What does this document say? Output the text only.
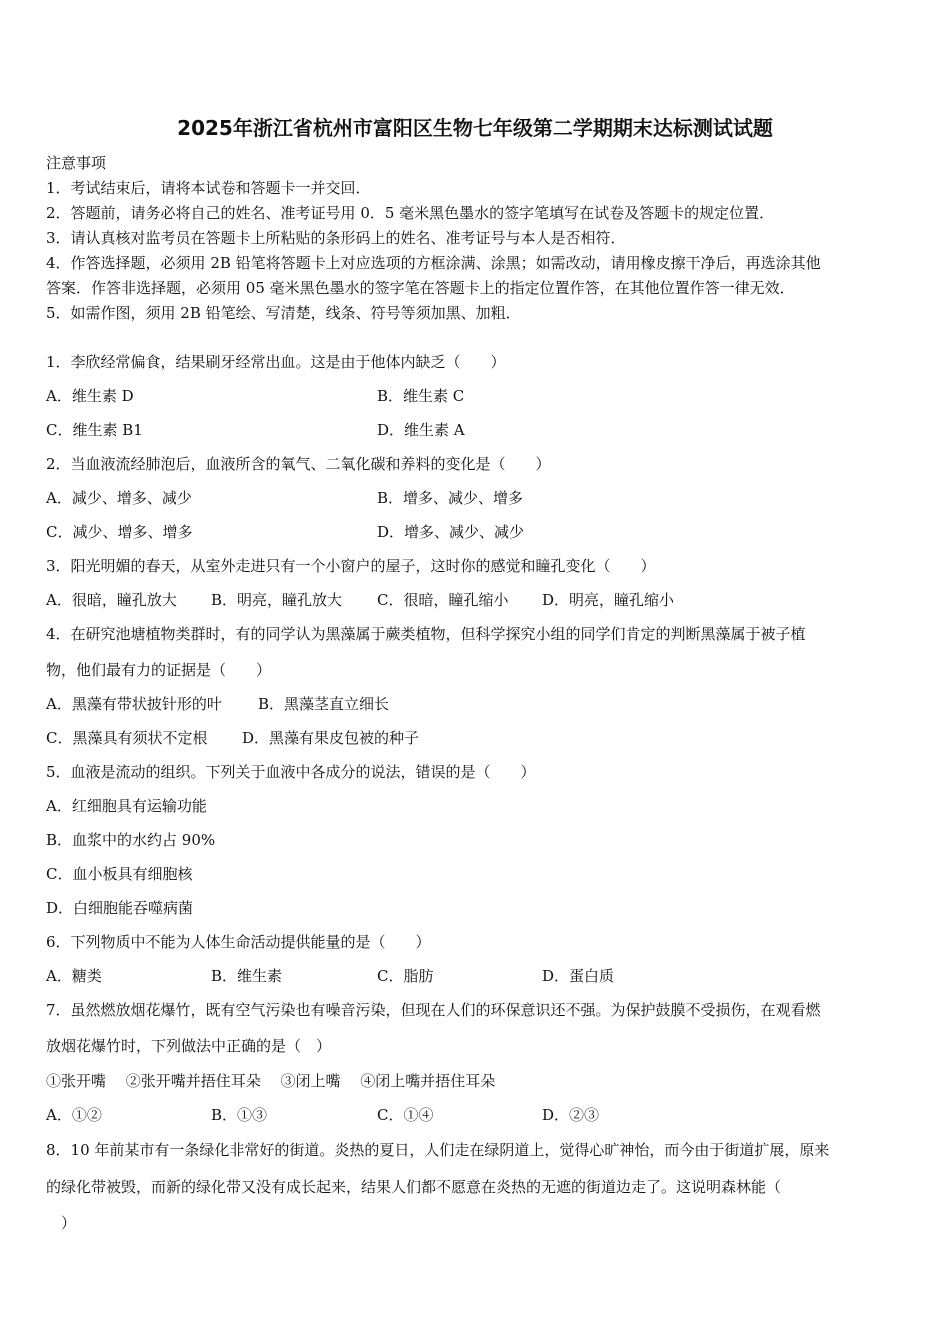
2025年浙江省杭州市富阳区生物七年级第二学期期末达标测试试题
注意事项
1．考试结束后，请将本试卷和答题卡一并交回．
2．答题前，请务必将自己的姓名、准考证号用 0．5 毫米黑色墨水的签字笔填写在试卷及答题卡的规定位置．
3．请认真核对监考员在答题卡上所粘贴的条形码上的姓名、准考证号与本人是否相符．
4．作答选择题，必须用 2B 铅笔将答题卡上对应选项的方框涂满、涂黑；如需改动，请用橡皮擦干净后，再选涂其他
答案．作答非选择题，必须用 05 毫米黑色墨水的签字笔在答题卡上的指定位置作答，在其他位置作答一律无效．
5．如需作图，须用 2B 铅笔绘、写清楚，线条、符号等须加黑、加粗．
1．李欣经常偏食，结果刷牙经常出血。这是由于他体内缺乏（　　）
A．维生素 D	B．维生素 C
C．维生素 B1	D．维生素 A
2．当血液流经肺泡后，血液所含的氧气、二氧化碳和养料的变化是（　　）
A．减少、增多、减少	B．增多、减少、增多
C．减少、增多、增多	D．增多、减少、减少
3．阳光明媚的春天，从室外走进只有一个小窗户的屋子，这时你的感觉和瞳孔变化（　　）
A．很暗，瞳孔放大 B．明亮，瞳孔放大 C．很暗，瞳孔缩小 D．明亮，瞳孔缩小
4．在研究池塘植物类群时，有的同学认为黑藻属于蕨类植物，但科学探究小组的同学们肯定的判断黑藻属于被子植
物，他们最有力的证据是（　　）
A．黑藻有带状披针形的叶 B．黑藻茎直立细长
C．黑藻具有须状不定根 D．黑藻有果皮包被的种子
5．血液是流动的组织。下列关于血液中各成分的说法，错误的是（　　）
A．红细胞具有运输功能
B．血浆中的水约占 90%
C．血小板具有细胞核
D．白细胞能吞噬病菌
6．下列物质中不能为人体生命活动提供能量的是（　　）
A．糖类	B．维生素	C．脂肪	D．蛋白质
7．虽然燃放烟花爆竹，既有空气污染也有噪音污染，但现在人们的环保意识还不强。为保护鼓膜不受损伤，在观看燃
放烟花爆竹时，下列做法中正确的是（　）
①张开嘴　 ②张开嘴并捂住耳朵　 ③闭上嘴　 ④闭上嘴并捂住耳朵
A．①②	B．①③	C．①④	D．②③
8．10 年前某市有一条绿化非常好的街道。炎热的夏日，人们走在绿阴道上，觉得心旷神怡，而今由于街道扩展，原来
的绿化带被毁，而新的绿化带又没有成长起来，结果人们都不愿意在炎热的无遮的街道边走了。这说明森林能（
　）
